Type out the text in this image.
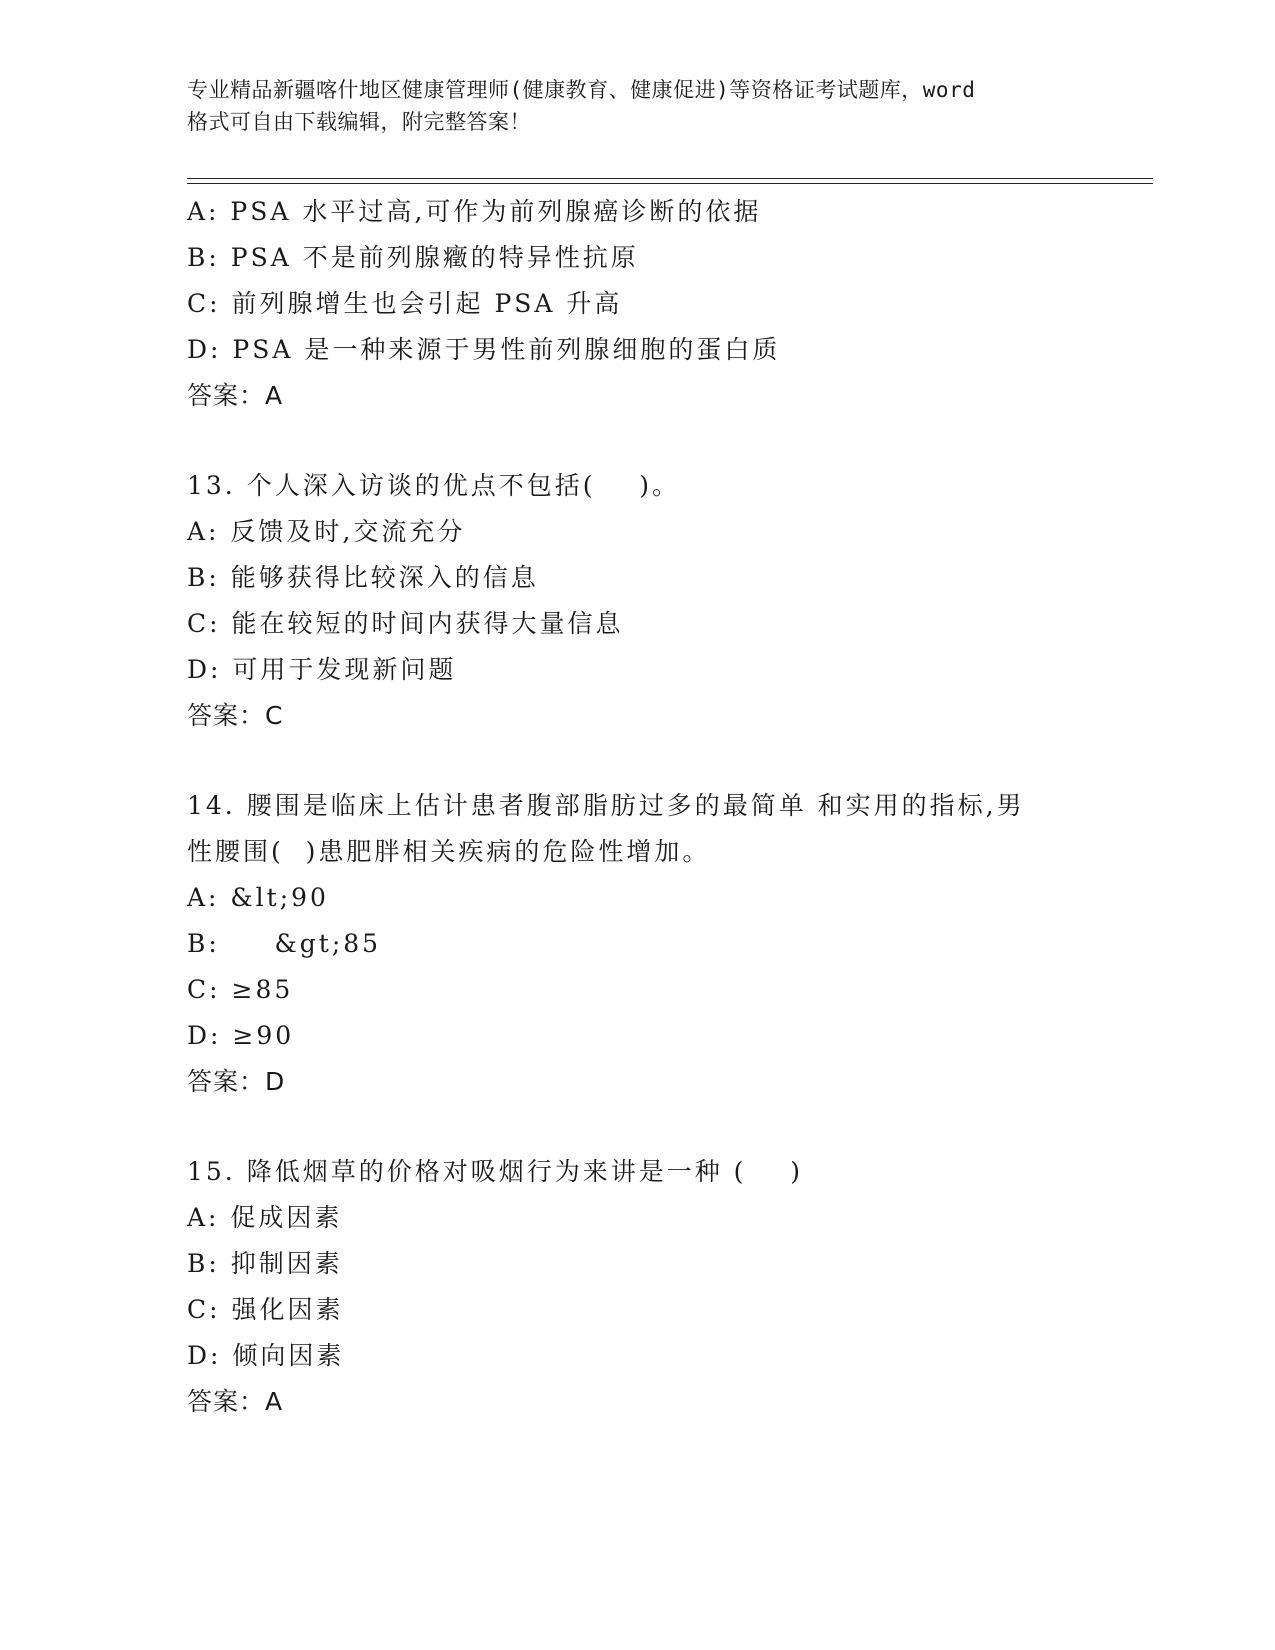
专业精品新疆喀什地区健康管理师(健康教育、健康促进)等资格证考试题库，word
格式可自由下载编辑，附完整答案！
A: PSA 水平过高,可作为前列腺癌诊断的依据
B: PSA 不是前列腺癥的特异性抗原
C: 前列腺增生也会引起 PSA 升高
D: PSA 是一种来源于男性前列腺细胞的蛋白质
答案：A
13. 个人深入访谈的优点不包括(    )。
A: 反馈及时,交流充分
B: 能够获得比较深入的信息
C: 能在较短的时间内获得大量信息
D: 可用于发现新问题
答案：C
14. 腰围是临床上估计患者腹部脂肪过多的最简单 和实用的指标,男
性腰围(  )患肥胖相关疾病的危险性增加。
A: &lt;90
B:     &gt;85
C: ≥85
D: ≥90
答案：D
15. 降低烟草的价格对吸烟行为来讲是一种 (    )
A: 促成因素
B: 抑制因素
C: 强化因素
D: 倾向因素
答案：A
